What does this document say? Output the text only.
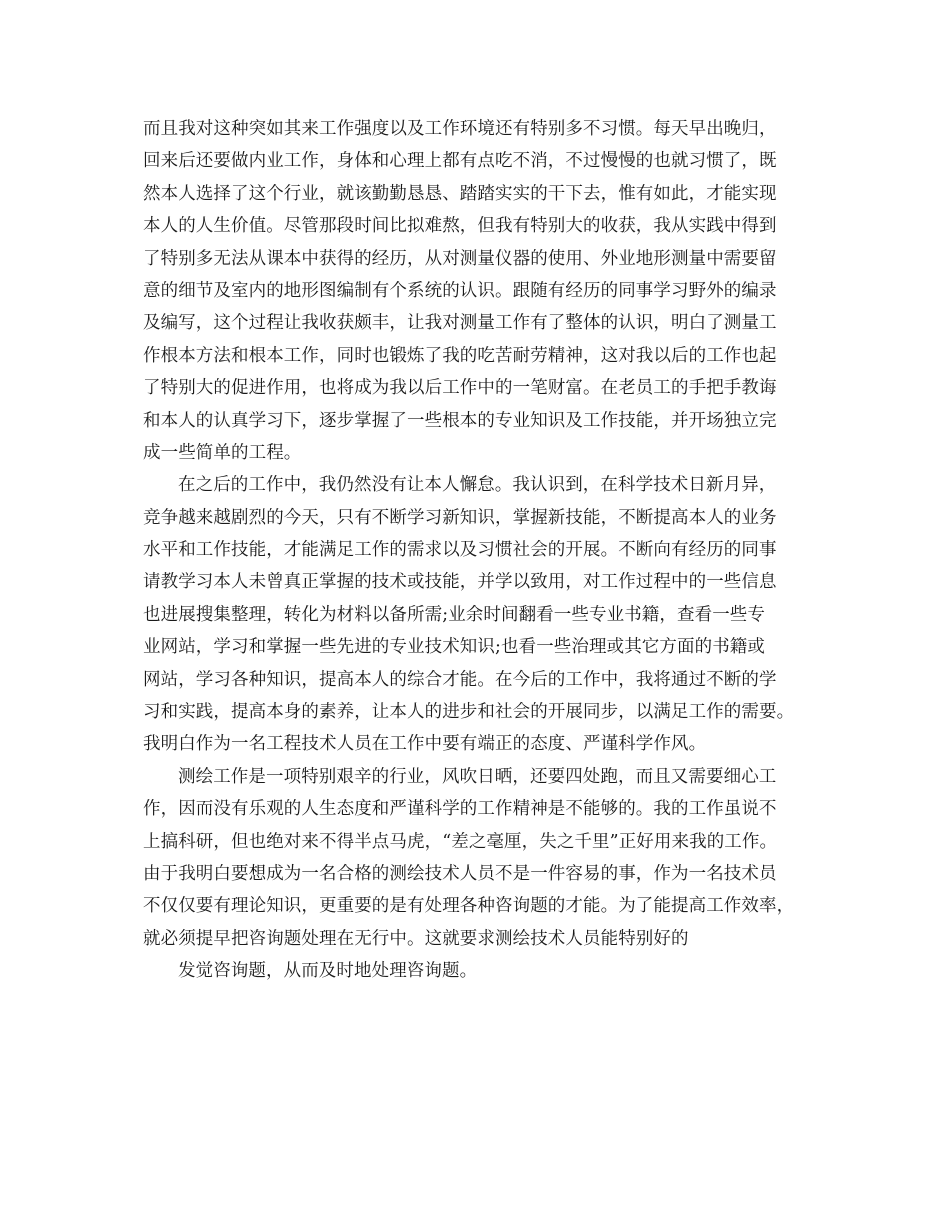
而且我对这种突如其来工作强度以及工作环境还有特别多不习惯。每天早出晚归，
回来后还要做内业工作，身体和心理上都有点吃不消，不过慢慢的也就习惯了，既
然本人选择了这个行业，就该勤勤恳恳、踏踏实实的干下去，惟有如此，才能实现
本人的人生价值。尽管那段时间比拟难熬，但我有特别大的收获，我从实践中得到
了特别多无法从课本中获得的经历，从对测量仪器的使用、外业地形测量中需要留
意的细节及室内的地形图编制有个系统的认识。跟随有经历的同事学习野外的编录
及编写，这个过程让我收获颇丰，让我对测量工作有了整体的认识，明白了测量工
作根本方法和根本工作，同时也锻炼了我的吃苦耐劳精神，这对我以后的工作也起
了特别大的促进作用，也将成为我以后工作中的一笔财富。在老员工的手把手教诲
和本人的认真学习下，逐步掌握了一些根本的专业知识及工作技能，并开场独立完
成一些简单的工程。
在之后的工作中，我仍然没有让本人懈怠。我认识到，在科学技术日新月异，
竞争越来越剧烈的今天，只有不断学习新知识，掌握新技能，不断提高本人的业务
水平和工作技能，才能满足工作的需求以及习惯社会的开展。不断向有经历的同事
请教学习本人未曾真正掌握的技术或技能，并学以致用，对工作过程中的一些信息
也进展搜集整理，转化为材料以备所需;业余时间翻看一些专业书籍，查看一些专
业网站，学习和掌握一些先进的专业技术知识;也看一些治理或其它方面的书籍或
网站，学习各种知识，提高本人的综合才能。在今后的工作中，我将通过不断的学
习和实践，提高本身的素养，让本人的进步和社会的开展同步，以满足工作的需要。
我明白作为一名工程技术人员在工作中要有端正的态度、严谨科学作风。
测绘工作是一项特别艰辛的行业，风吹日晒，还要四处跑，而且又需要细心工
作，因而没有乐观的人生态度和严谨科学的工作精神是不能够的。我的工作虽说不
上搞科研，但也绝对来不得半点马虎，“差之毫厘，失之千里”正好用来我的工作。
由于我明白要想成为一名合格的测绘技术人员不是一件容易的事，作为一名技术员
不仅仅要有理论知识，更重要的是有处理各种咨询题的才能。为了能提高工作效率，
就必须提早把咨询题处理在无行中。这就要求测绘技术人员能特别好的
发觉咨询题，从而及时地处理咨询题。
